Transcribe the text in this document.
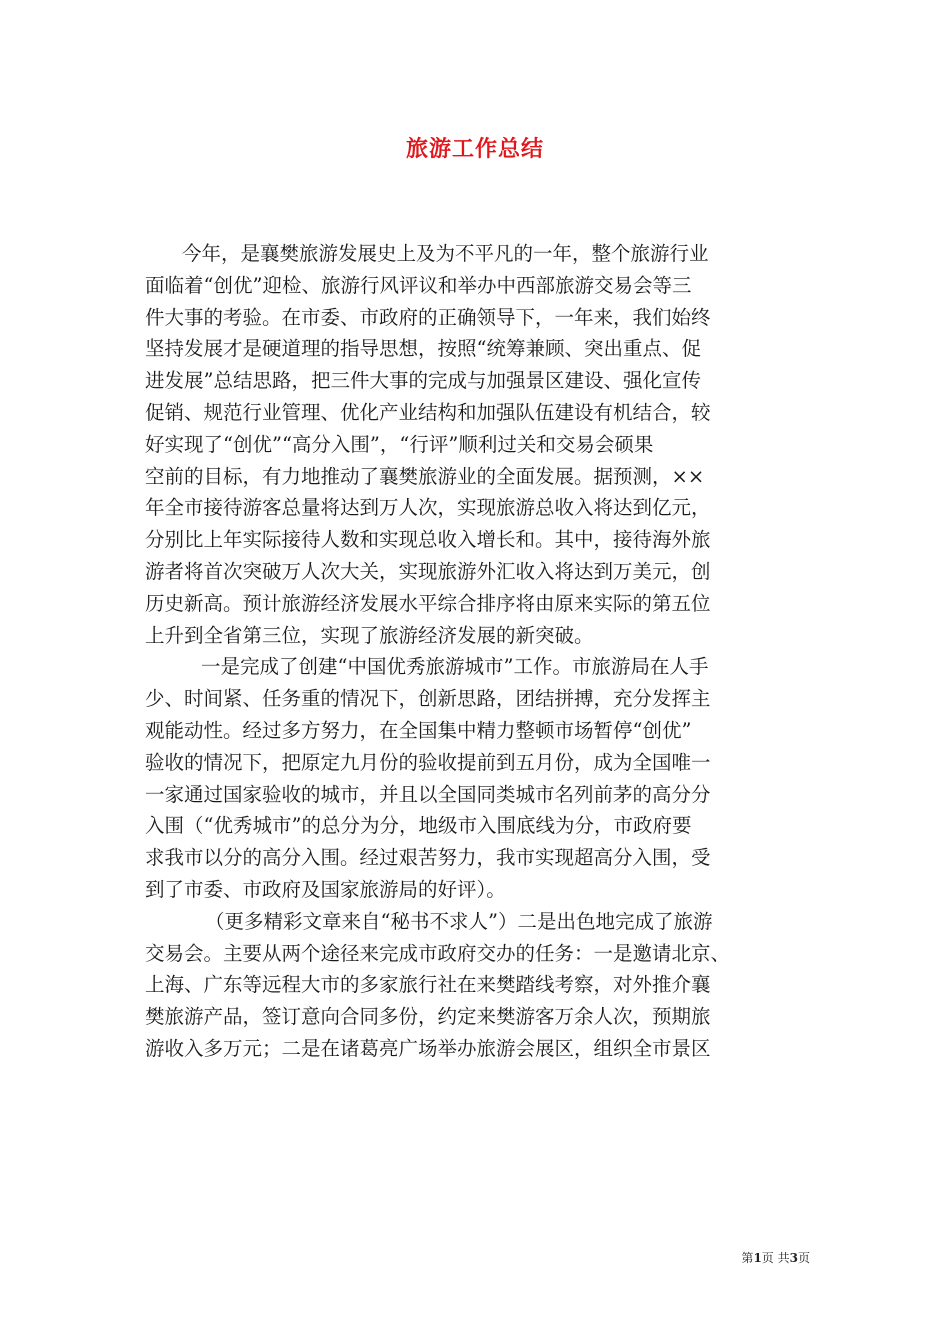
旅游工作总结
今年，是襄樊旅游发展史上及为不平凡的一年，整个旅游行业
面临着“创优”迎检、旅游行风评议和举办中西部旅游交易会等三
件大事的考验。在市委、市政府的正确领导下，一年来，我们始终
坚持发展才是硬道理的指导思想，按照“统筹兼顾、突出重点、促
进发展”总结思路，把三件大事的完成与加强景区建设、强化宣传
促销、规范行业管理、优化产业结构和加强队伍建设有机结合，较
好实现了“创优”“高分入围”，“行评”顺利过关和交易会硕果
空前的目标，有力地推动了襄樊旅游业的全面发展。据预测，××
年全市接待游客总量将达到万人次，实现旅游总收入将达到亿元，
分别比上年实际接待人数和实现总收入增长和。其中，接待海外旅
游者将首次突破万人次大关，实现旅游外汇收入将达到万美元，创
历史新高。预计旅游经济发展水平综合排序将由原来实际的第五位
上升到全省第三位，实现了旅游经济发展的新突破。
一是完成了创建“中国优秀旅游城市”工作。市旅游局在人手
少、时间紧、任务重的情况下，创新思路，团结拼搏，充分发挥主
观能动性。经过多方努力，在全国集中精力整顿市场暂停“创优”
验收的情况下，把原定九月份的验收提前到五月份，成为全国唯一
一家通过国家验收的城市，并且以全国同类城市名列前茅的高分分
入围（“优秀城市”的总分为分，地级市入围底线为分，市政府要
求我市以分的高分入围。经过艰苦努力，我市实现超高分入围，受
到了市委、市政府及国家旅游局的好评）。
（更多精彩文章来自“秘书不求人”）二是出色地完成了旅游
交易会。主要从两个途径来完成市政府交办的任务：一是邀请北京、
上海、广东等远程大市的多家旅行社在来樊踏线考察，对外推介襄
樊旅游产品，签订意向合同多份，约定来樊游客万余人次，预期旅
游收入多万元；二是在诸葛亮广场举办旅游会展区，组织全市景区
第1页 共3页
